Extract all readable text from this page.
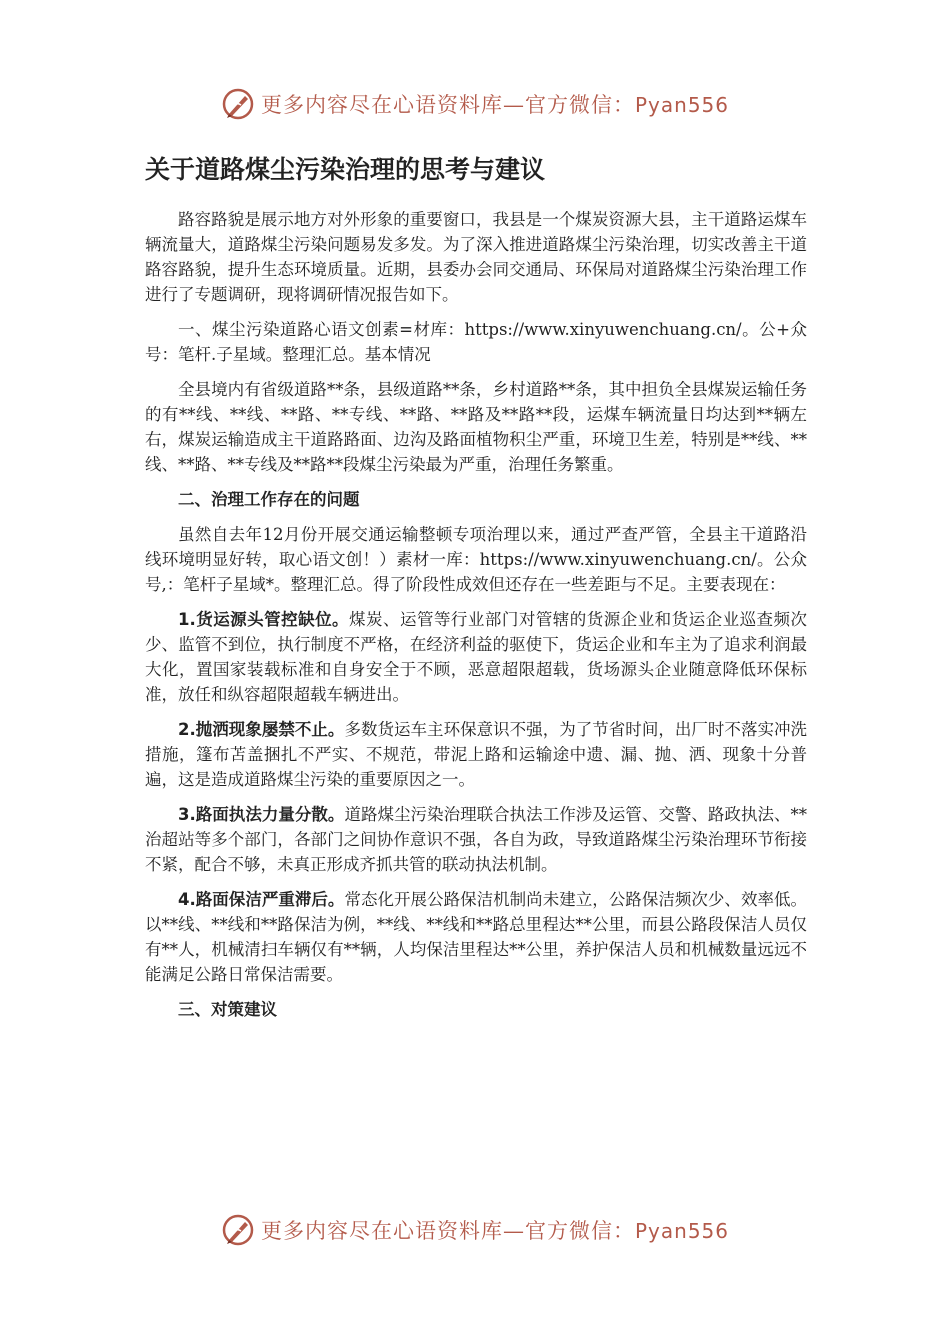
更多内容尽在心语资料库—官方微信：Pyan556
关于道路煤尘污染治理的思考与建议

路容路貌是展示地方对外形象的重要窗口，我县是一个煤炭资源大县，主干道路运煤车辆流量大，道路煤尘污染问题易发多发。为了深入推进道路煤尘污染治理，切实改善主干道路容路貌，提升生态环境质量。近期，县委办会同交通局、环保局对道路煤尘污染治理工作进行了专题调研，现将调研情况报告如下。

一、煤尘污染道路心语文创素=材库：https://www.xinyuwenchuang.cn/。公+众号：笔杆.子星域。整理汇总。基本情况

全县境内有省级道路**条，县级道路**条，乡村道路**条，其中担负全县煤炭运输任务的有**线、**线、**路、**专线、**路、**路及**路**段，运煤车辆流量日均达到**辆左右，煤炭运输造成主干道路路面、边沟及路面植物积尘严重，环境卫生差，特别是**线、**线、**路、**专线及**路**段煤尘污染最为严重，治理任务繁重。

二、治理工作存在的问题

虽然自去年12月份开展交通运输整顿专项治理以来，通过严查严管，全县主干道路沿线环境明显好转，取心语文创！）素材一库：https://www.xinyuwenchuang.cn/。公众号,：笔杆子星域*。整理汇总。得了阶段性成效但还存在一些差距与不足。主要表现在：

1.货运源头管控缺位。煤炭、运管等行业部门对管辖的货源企业和货运企业巡查频次少、监管不到位，执行制度不严格，在经济利益的驱使下，货运企业和车主为了追求利润最大化，置国家装载标准和自身安全于不顾，恶意超限超载，货场源头企业随意降低环保标准，放任和纵容超限超载车辆进出。

2.抛洒现象屡禁不止。多数货运车主环保意识不强，为了节省时间，出厂时不落实冲洗措施，篷布苫盖捆扎不严实、不规范，带泥上路和运输途中遗、漏、抛、洒、现象十分普遍，这是造成道路煤尘污染的重要原因之一。

3.路面执法力量分散。道路煤尘污染治理联合执法工作涉及运管、交警、路政执法、**治超站等多个部门，各部门之间协作意识不强，各自为政，导致道路煤尘污染治理环节衔接不紧，配合不够，未真正形成齐抓共管的联动执法机制。

4.路面保洁严重滞后。常态化开展公路保洁机制尚未建立，公路保洁频次少、效率低。以**线、**线和**路保洁为例，**线、**线和**路总里程达**公里，而县公路段保洁人员仅有**人，机械清扫车辆仅有**辆，人均保洁里程达**公里，养护保洁人员和机械数量远远不能满足公路日常保洁需要。

三、对策建议

更多内容尽在心语资料库—官方微信：Pyan556
